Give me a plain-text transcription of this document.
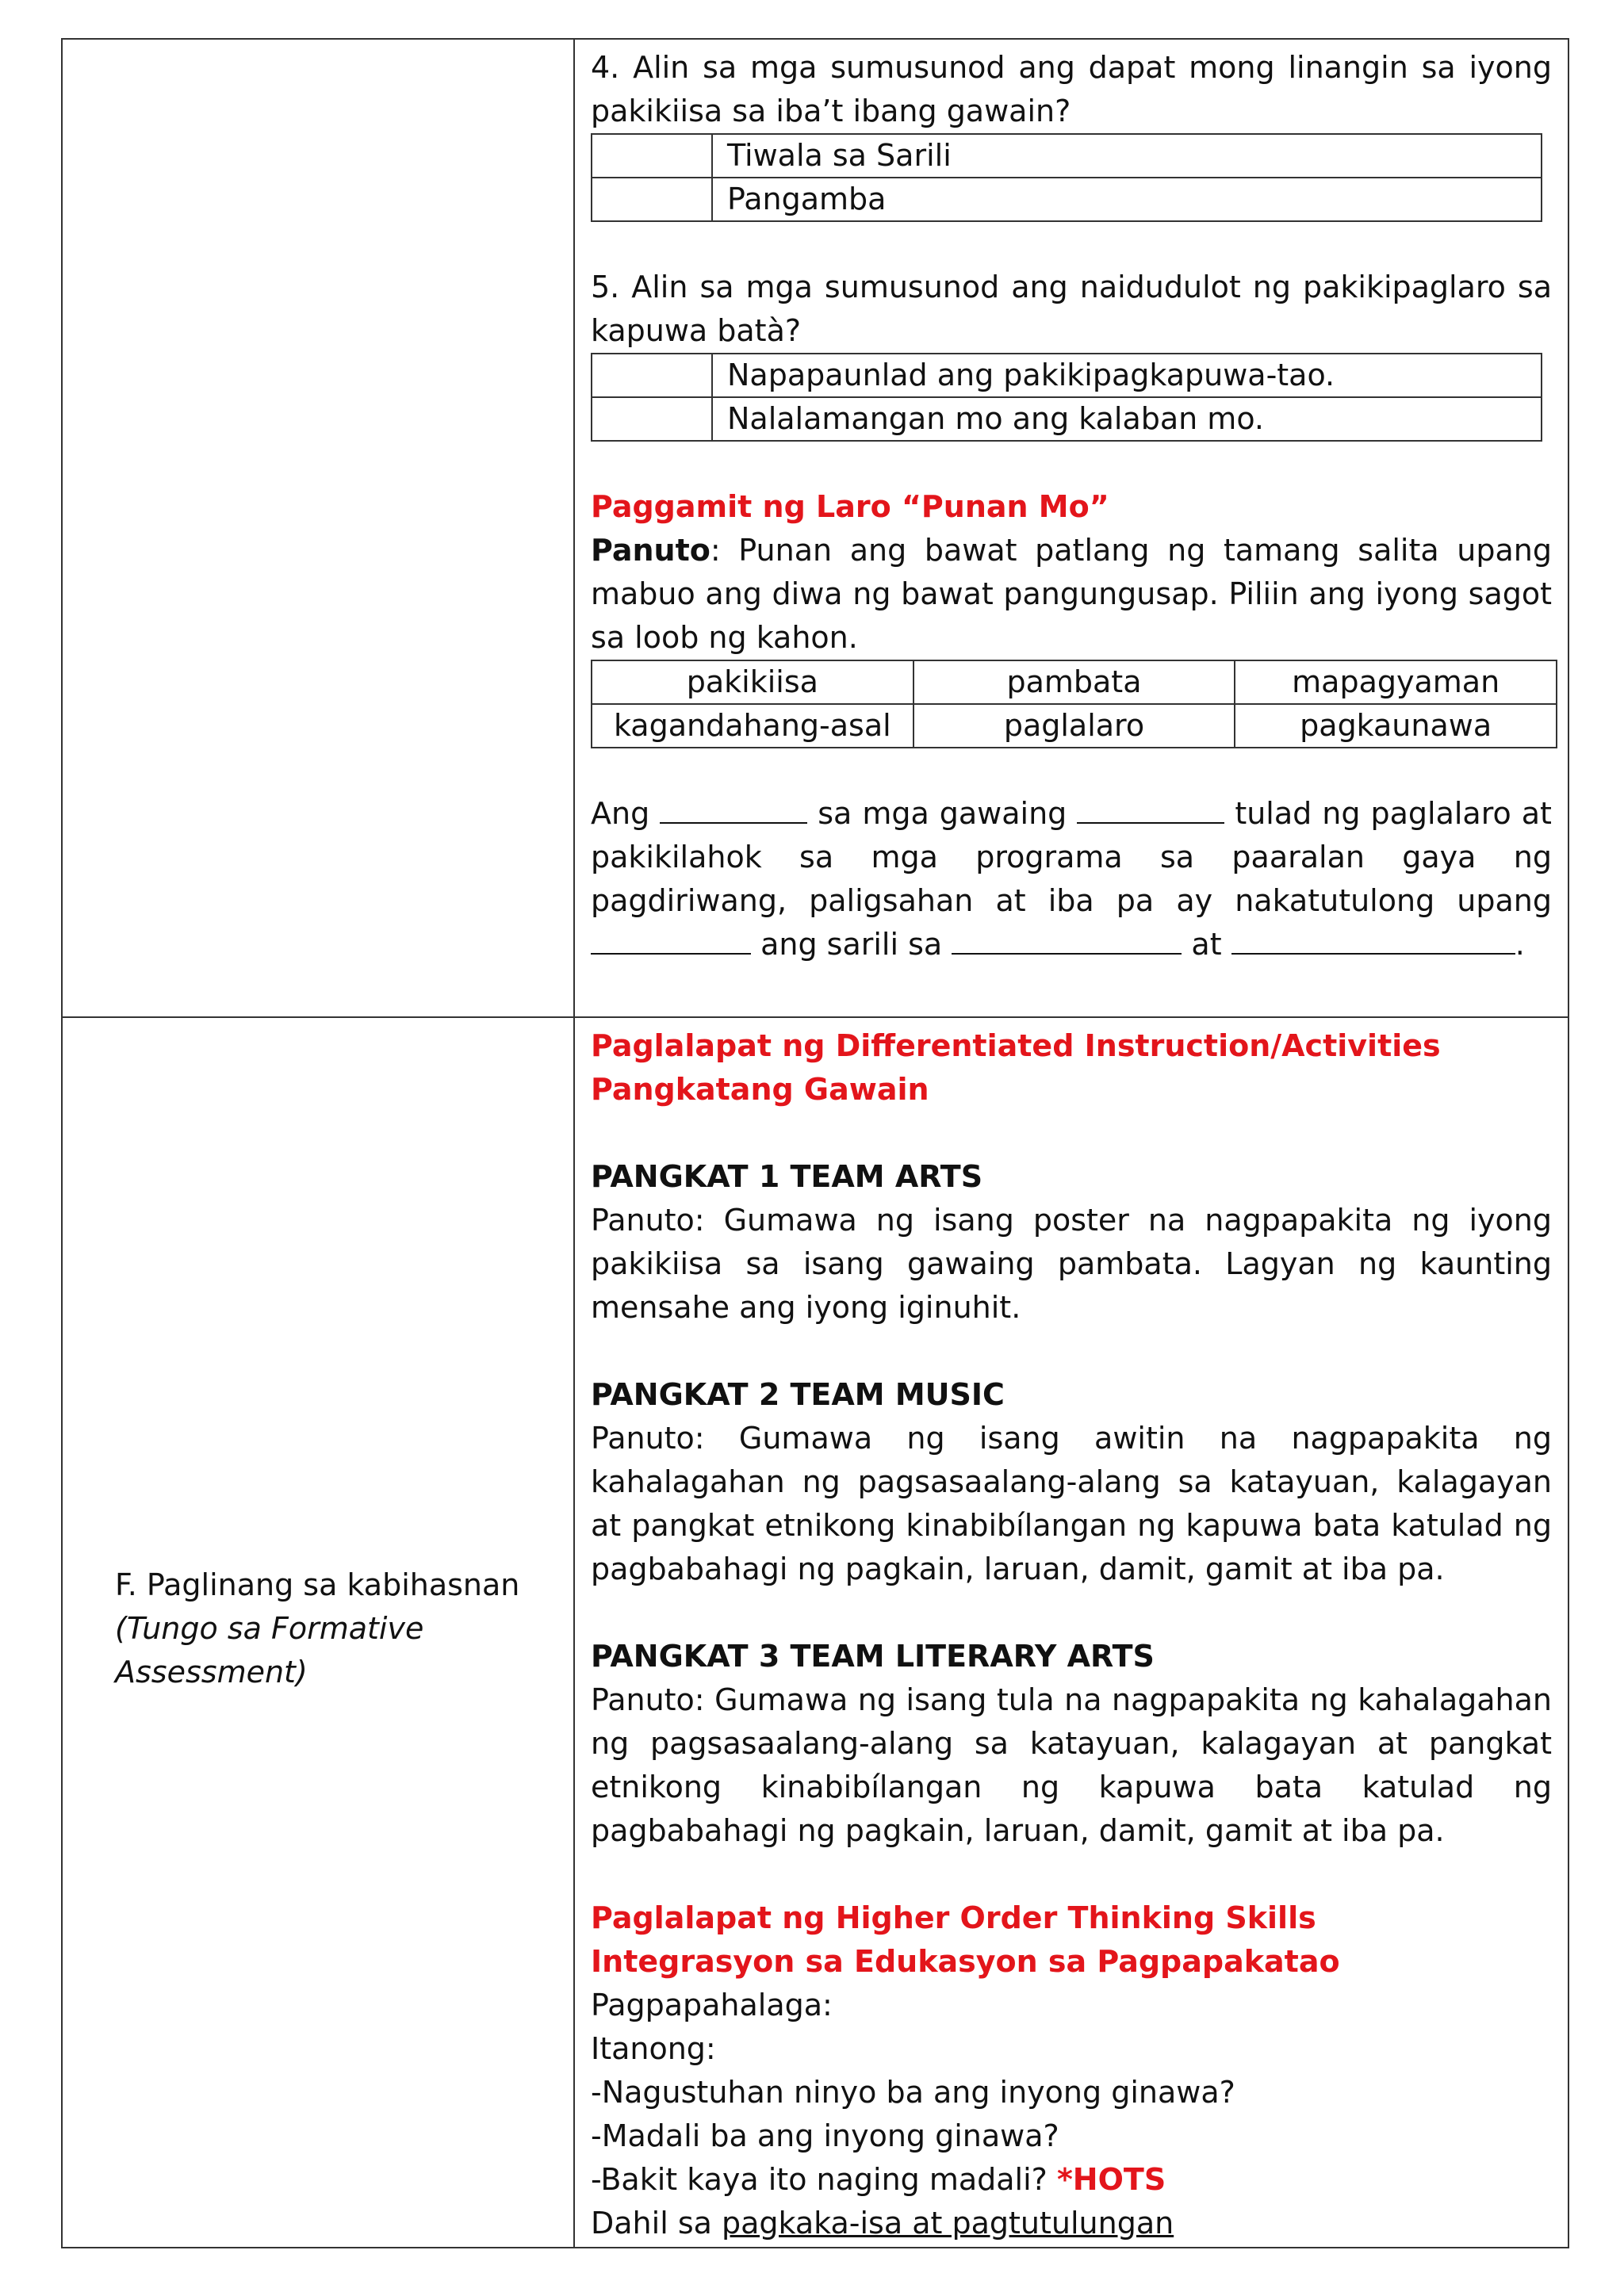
4. Alin sa mga sumusunod ang dapat mong linangin sa iyong pakikiisa sa iba’t ibang gawain?
	Tiwala sa Sarili
	Pangamba
5. Alin sa mga sumusunod ang naidudulot ng pakikipaglaro sa kapuwa batà?
	Napapaunlad ang pakikipagkapuwa-tao.
	Nalalamangan mo ang kalaban mo.
Paggamit ng Laro “Punan Mo”
Panuto: Punan ang bawat patlang ng tamang salita upang mabuo ang diwa ng bawat pangungusap. Piliin ang iyong sagot sa loob ng kahon.
pakikiisa	pambata	mapagyaman
kagandahang-asal	paglalaro	pagkaunawa
Ang	sa mga gawaing	tulad ng paglalaro at pakikilahok sa mga programa sa paaralan gaya ng pagdiriwang, paligsahan at iba pa ay nakatutulong upang  ang sarili sa	at	.

F. Paglinang sa kabihasnan
(Tungo sa Formative Assessment)

Paglalapat ng Differentiated Instruction/Activities
Pangkatang Gawain
PANGKAT 1 TEAM ARTS
Panuto: Gumawa ng isang poster na nagpapakita ng iyong pakikiisa sa isang gawaing pambata. Lagyan ng kaunting mensahe ang iyong iginuhit.
PANGKAT 2 TEAM MUSIC
Panuto: Gumawa ng isang awitin na nagpapakita ng kahalagahan ng pagsasaalang-alang sa katayuan, kalagayan at pangkat etnikong kinabibílangan ng kapuwa bata katulad ng pagbabahagi ng pagkain, laruan, damit, gamit at iba pa.
PANGKAT 3 TEAM LITERARY ARTS
Panuto: Gumawa ng isang tula na nagpapakita ng kahalagahan ng pagsasaalang-alang sa katayuan, kalagayan at pangkat etnikong kinabibílangan ng kapuwa bata katulad ng pagbabahagi ng pagkain, laruan, damit, gamit at iba pa.
Paglalapat ng Higher Order Thinking Skills
Integrasyon sa Edukasyon sa Pagpapakatao
Pagpapahalaga:
Itanong:
-Nagustuhan ninyo ba ang inyong ginawa?
-Madali ba ang inyong ginawa?
-Bakit kaya ito naging madali? *HOTS
Dahil sa pagkaka-isa at pagtutulungan
